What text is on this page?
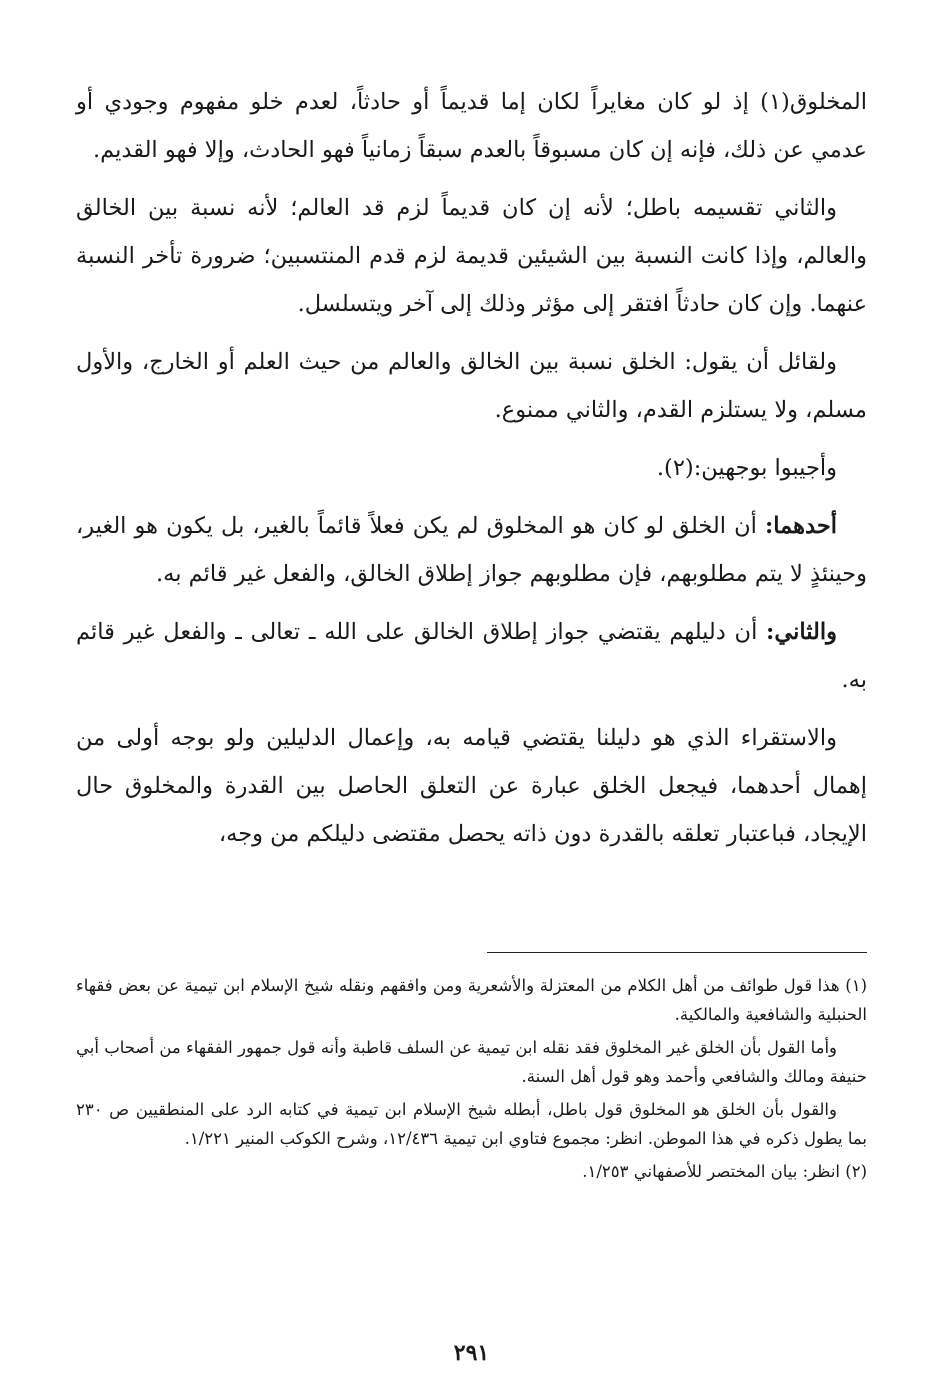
المخلوق(١) إذ لو كان مغايراً لكان إما قديماً أو حادثاً، لعدم خلو مفهوم وجودي أو عدمي عن ذلك، فإنه إن كان مسبوقاً بالعدم سبقاً زمانياً فهو الحادث، وإلا فهو القديم.

والثاني تقسيمه باطل؛ لأنه إن كان قديماً لزم قد العالم؛ لأنه نسبة بين الخالق والعالم، وإذا كانت النسبة بين الشيئين قديمة لزم قدم المنتسبين؛ ضرورة تأخر النسبة عنهما. وإن كان حادثاً افتقر إلى مؤثر وذلك إلى آخر ويتسلسل.

ولقائل أن يقول: الخلق نسبة بين الخالق والعالم من حيث العلم أو الخارج، والأول مسلم، ولا يستلزم القدم، والثاني ممنوع.

وأجيبوا بوجهين:(٢).

أحدهما: أن الخلق لو كان هو المخلوق لم يكن فعلاً قائماً بالغير، بل يكون هو الغير، وحينئذٍ لا يتم مطلوبهم، فإن مطلوبهم جواز إطلاق الخالق، والفعل غير قائم به.

والثاني: أن دليلهم يقتضي جواز إطلاق الخالق على الله ـ تعالى ـ والفعل غير قائم به.

والاستقراء الذي هو دليلنا يقتضي قيامه به، وإعمال الدليلين ولو بوجه أولى من إهمال أحدهما، فيجعل الخلق عبارة عن التعلق الحاصل بين القدرة والمخلوق حال الإيجاد، فباعتبار تعلقه بالقدرة دون ذاته يحصل مقتضى دليلكم من وجه،

(١) هذا قول طوائف من أهل الكلام من المعتزلة والأشعرية ومن وافقهم ونقله شيخ الإسلام ابن تيمية عن بعض فقهاء الحنبلية والشافعية والمالكية.

وأما القول بأن الخلق غير المخلوق فقد نقله ابن تيمية عن السلف قاطبة وأنه قول جمهور الفقهاء من أصحاب أبي حنيفة ومالك والشافعي وأحمد وهو قول أهل السنة.

والقول بأن الخلق هو المخلوق قول باطل، أبطله شيخ الإسلام ابن تيمية في كتابه الرد على المنطقيين ص ٢٣٠ بما يطول ذكره في هذا الموطن. انظر: مجموع فتاوي ابن تيمية ١٢/٤٣٦، وشرح الكوكب المنير ١/٢٢١.

(٢) انظر: بيان المختصر للأصفهاني ١/٢٥٣.

٢٩١
